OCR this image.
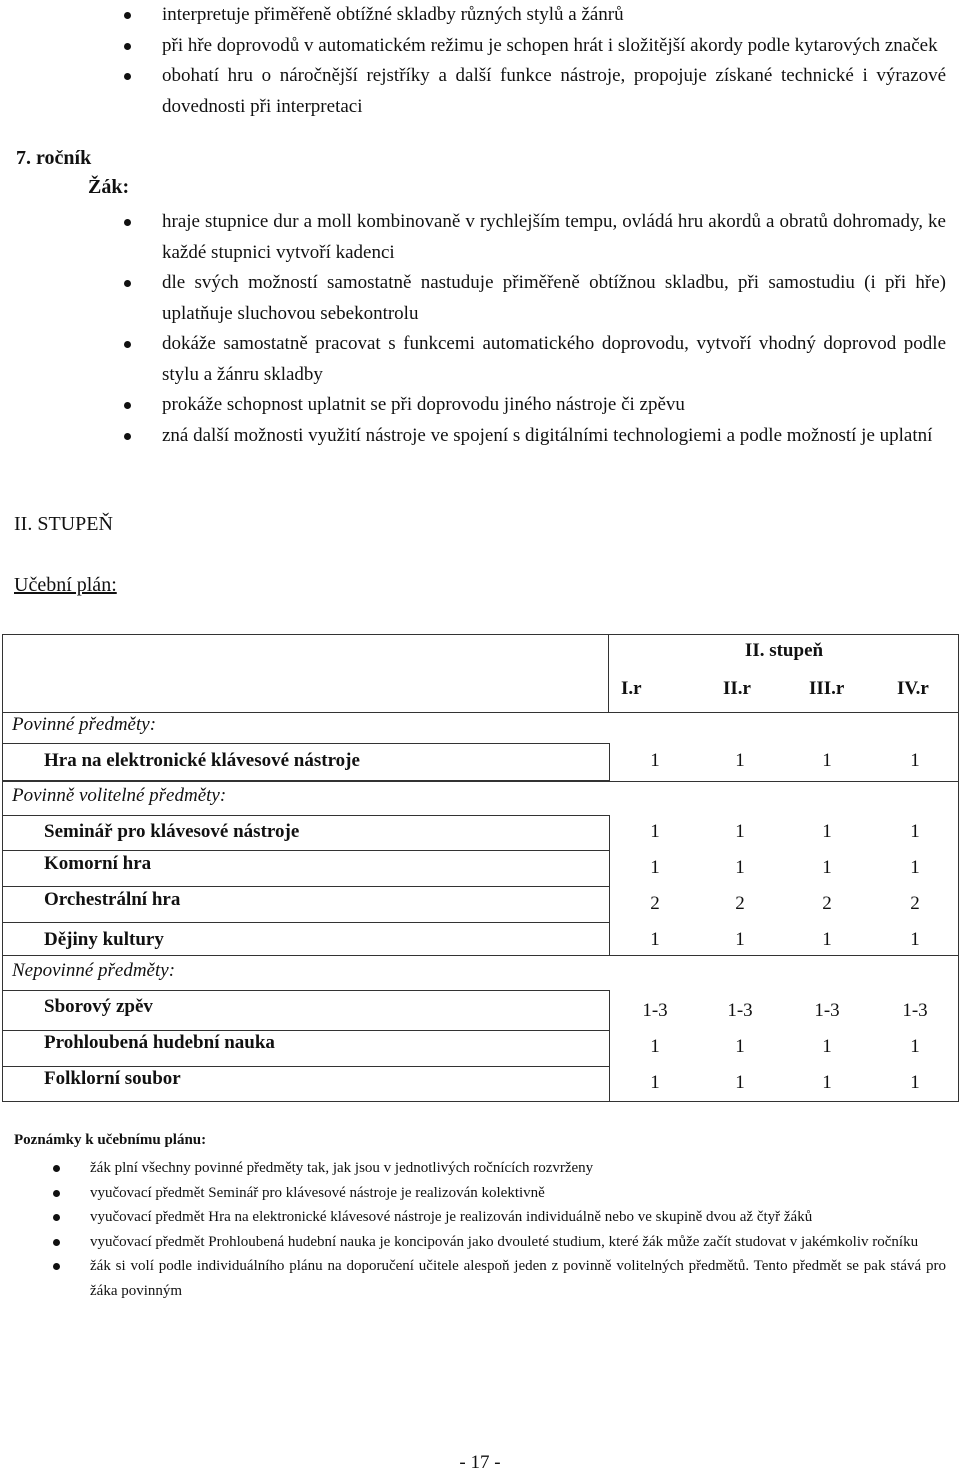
interpretuje přiměřeně obtížné skladby různých stylů a žánrů
při hře doprovodů v automatickém režimu je schopen hrát i složitější akordy podle kytarových značek
obohatí hru o náročnější rejstříky a další funkce nástroje, propojuje získané technické i výrazové dovednosti při interpretaci
7. ročník
Žák:
hraje stupnice dur a moll kombinovaně v rychlejším tempu, ovládá hru akordů a obratů dohromady, ke každé stupnici vytvoří kadenci
dle svých možností samostatně nastuduje přiměřeně obtížnou skladbu, při samostudiu (i při hře) uplatňuje sluchovou sebekontrolu
dokáže samostatně pracovat s funkcemi automatického doprovodu, vytvoří vhodný doprovod podle stylu a žánru skladby
prokáže schopnost uplatnit se při doprovodu jiného nástroje či zpěvu
zná další možnosti využití nástroje ve spojení s digitálními technologiemi a podle možností je uplatní
II. STUPEŇ
Učební plán:
II. stupeň
I.r	II.r	III.r	IV.r
Povinné předměty:
Hra na elektronické klávesové nástroje	1	1	1	1
Povinně volitelné předměty:
Seminář pro klávesové nástroje	1	1	1	1
Komorní hra	1	1	1	1
Orchestrální hra	2	2	2	2
Dějiny kultury	1	1	1	1
Nepovinné předměty:
Sborový zpěv	1-3	1-3	1-3	1-3
Prohloubená hudební nauka	1	1	1	1
Folklorní soubor	1	1	1	1
Poznámky k učebnímu plánu:
žák plní všechny povinné předměty tak, jak jsou v jednotlivých ročnících rozvrženy
vyučovací předmět Seminář pro klávesové nástroje je realizován kolektivně
vyučovací předmět Hra na elektronické klávesové nástroje je realizován individuálně nebo ve skupině dvou až čtyř žáků
vyučovací předmět Prohloubená hudební nauka je koncipován jako dvouleté studium, které žák může začít studovat v jakémkoliv ročníku
žák si volí podle individuálního plánu na doporučení učitele alespoň jeden z povinně volitelných předmětů. Tento předmět se pak stává pro žáka povinným
- 17 -
